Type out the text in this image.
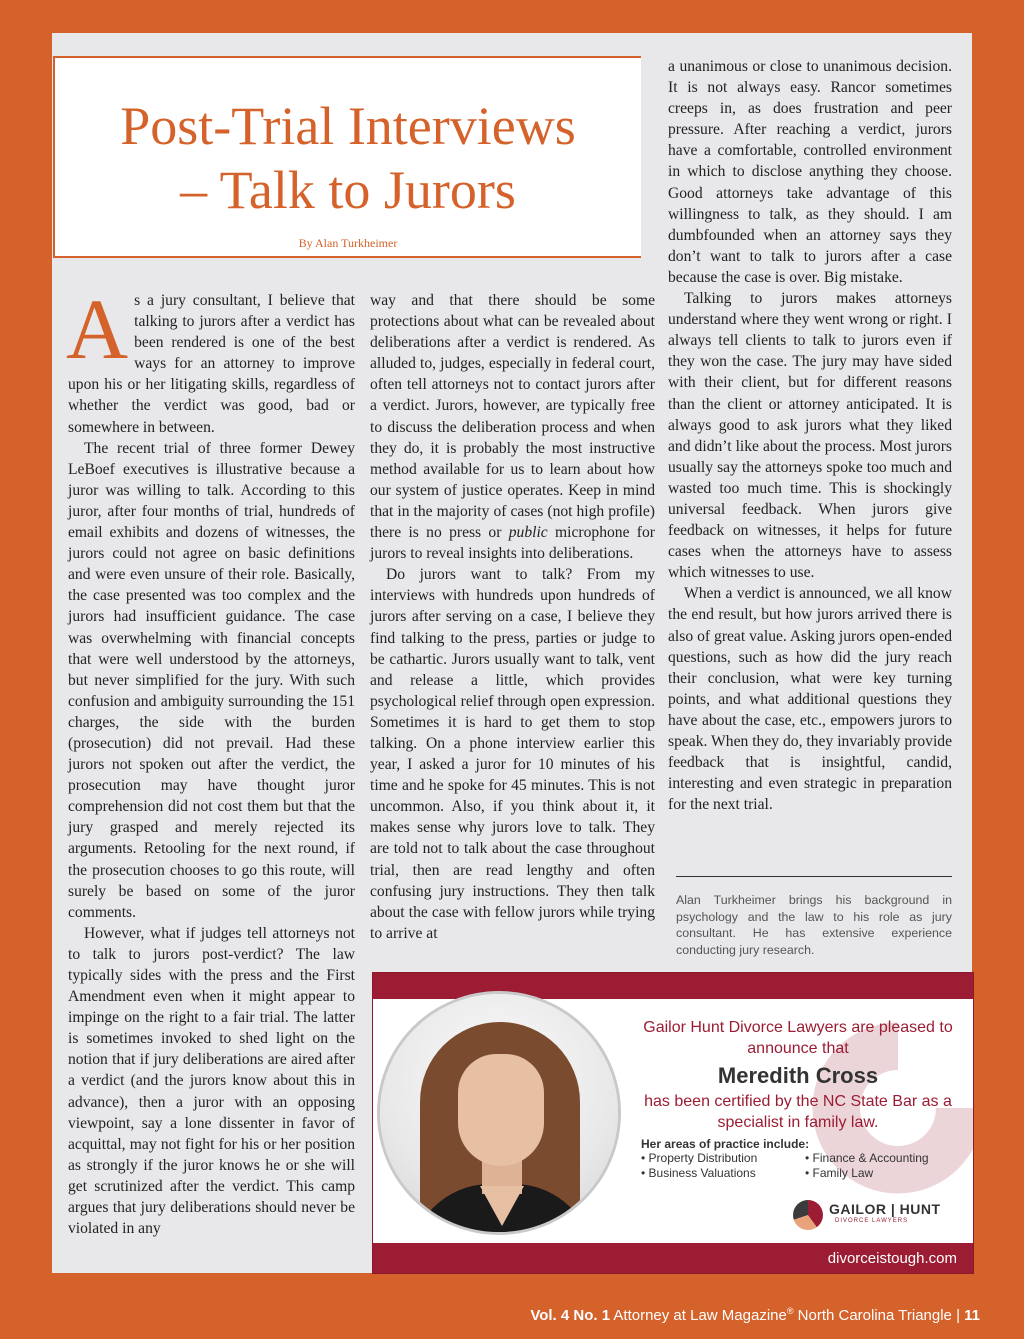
Post-Trial Interviews
– Talk to Jurors
By Alan Turkheimer

As a jury consultant, I believe that talking to jurors after a verdict has been rendered is one of the best ways for an attorney to improve upon his or her litigating skills, regardless of whether the verdict was good, bad or somewhere in between.

The recent trial of three former Dewey LeBoef executives is illustrative because a juror was willing to talk. According to this juror, after four months of trial, hundreds of email exhibits and dozens of witnesses, the jurors could not agree on basic definitions and were even unsure of their role. Basically, the case presented was too complex and the jurors had insufficient guidance. The case was overwhelming with financial concepts that were well understood by the attorneys, but never simplified for the jury. With such confusion and ambiguity surrounding the 151 charges, the side with the burden (prosecution) did not prevail. Had these jurors not spoken out after the verdict, the prosecution may have thought juror comprehension did not cost them but that the jury grasped and merely rejected its arguments. Retooling for the next round, if the prosecution chooses to go this route, will surely be based on some of the juror comments.

However, what if judges tell attorneys not to talk to jurors post-verdict? The law typically sides with the press and the First Amendment even when it might appear to impinge on the right to a fair trial. The latter is sometimes invoked to shed light on the notion that if jury deliberations are aired after a verdict (and the jurors know about this in advance), then a juror with an opposing viewpoint, say a lone dissenter in favor of acquittal, may not fight for his or her position as strongly if the juror knows he or she will get scrutinized after the verdict. This camp argues that jury deliberations should never be violated in any

way and that there should be some protections about what can be revealed about deliberations after a verdict is rendered. As alluded to, judges, especially in federal court, often tell attorneys not to contact jurors after a verdict. Jurors, however, are typically free to discuss the deliberation process and when they do, it is probably the most instructive method available for us to learn about how our system of justice operates. Keep in mind that in the majority of cases (not high profile) there is no press or public microphone for jurors to reveal insights into deliberations.

Do jurors want to talk? From my interviews with hundreds upon hundreds of jurors after serving on a case, I believe they find talking to the press, parties or judge to be cathartic. Jurors usually want to talk, vent and release a little, which provides psychological relief through open expression. Sometimes it is hard to get them to stop talking. On a phone interview earlier this year, I asked a juror for 10 minutes of his time and he spoke for 45 minutes. This is not uncommon. Also, if you think about it, it makes sense why jurors love to talk. They are told not to talk about the case throughout trial, then are read lengthy and often confusing jury instructions. They then talk about the case with fellow jurors while trying to arrive at

a unanimous or close to unanimous decision. It is not always easy. Rancor sometimes creeps in, as does frustration and peer pressure. After reaching a verdict, jurors have a comfortable, controlled environment in which to disclose anything they choose. Good attorneys take advantage of this willingness to talk, as they should. I am dumbfounded when an attorney says they don’t want to talk to jurors after a case because the case is over. Big mistake.

Talking to jurors makes attorneys understand where they went wrong or right. I always tell clients to talk to jurors even if they won the case. The jury may have sided with their client, but for different reasons than the client or attorney anticipated. It is always good to ask jurors what they liked and didn’t like about the process. Most jurors usually say the attorneys spoke too much and wasted too much time. This is shockingly universal feedback. When jurors give feedback on witnesses, it helps for future cases when the attorneys have to assess which witnesses to use.

When a verdict is announced, we all know the end result, but how jurors arrived there is also of great value. Asking jurors open-ended questions, such as how did the jury reach their conclusion, what were key turning points, and what additional questions they have about the case, etc., empowers jurors to speak. When they do, they invariably provide feedback that is insightful, candid, interesting and even strategic in preparation for the next trial.

Alan Turkheimer brings his background in psychology and the law to his role as jury consultant. He has extensive experience conducting jury research.
Gailor Hunt Divorce Lawyers are pleased to announce that
Meredith Cross
has been certified by the NC State Bar as a specialist in family law.
Her areas of practice include:
• Property Distribution	• Finance & Accounting
• Business Valuations	• Family Law
GAILOR | HUNT
DIVORCE LAWYERS
divorceistough.com
Vol. 4 No. 1 Attorney at Law Magazine® North Carolina Triangle | 11
